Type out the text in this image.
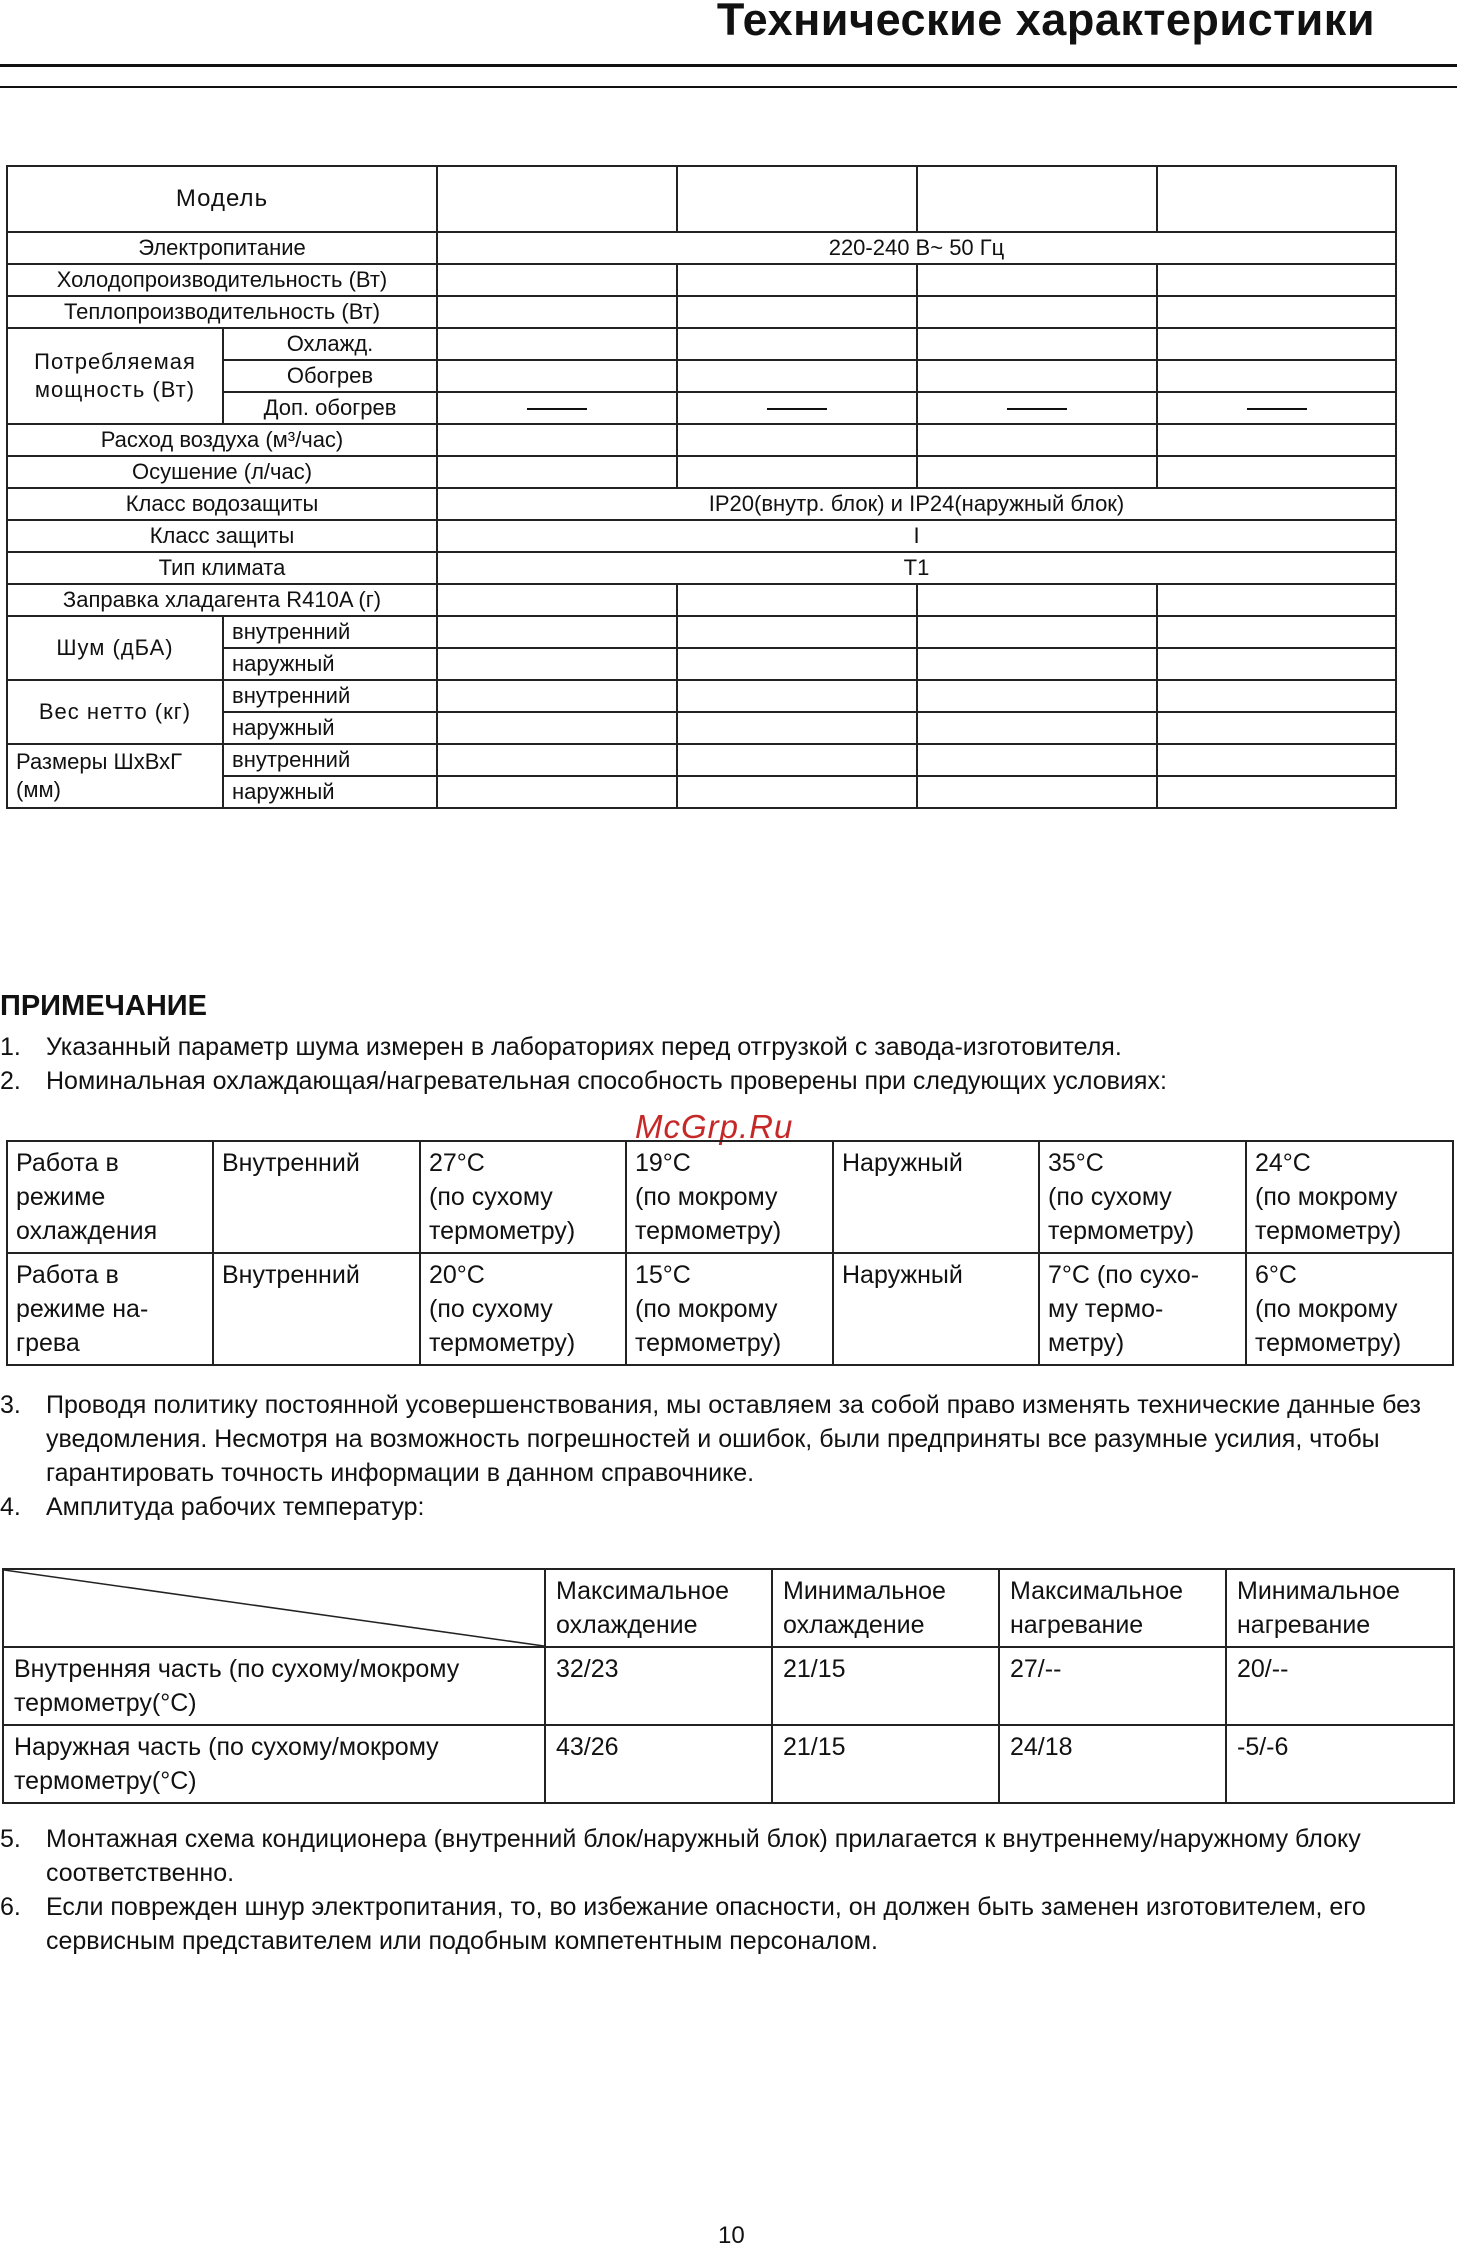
Технические характеристики
Модель					
Электропитание		220-240 В~ 50 Гц			
Холодопроизводительность (Вт)					
Теплопроизводительность (Вт)					
Потребляемая мощность (Вт)	Охлажд.				
	Обогрев				
	Доп. обогрев				
Расход воздуха (м³/час)					
Осушение (л/час)					
Класс водозащиты		IP20(внутр. блок) и IP24(наружный блок)			
Класс защиты		I			
Тип климата		T1			
Заправка хладагента R410A (г)					
Шум (дБА)	внутренний				
	наружный				
Вес нетто (кг)	внутренний				
	наружный				
Размеры ШхВхГ (мм)	внутренний				
	наружный				
ПРИМЕЧАНИЕ
1.	Указанный параметр шума измерен в лабораториях перед отгрузкой с завода-изготовителя.
2.	Номинальная охлаждающая/нагревательная способность проверены при следующих условиях:
McGrp.Ru
Работа в
режиме
охлаждения	Внутренний	27°C
(по сухому
термометру)	19°C
(по мокрому
термометру)	Наружный	35°C
(по сухому
термометру)	24°C
(по мокрому
термометру)
Работа в
режиме на-
грева	Внутренний	20°C
(по сухому
термометру)	15°C
(по мокрому
термометру)	Наружный	7°C (по сухо-
му термо-
метру)	6°C
(по мокрому
термометру)
3.	Проводя политику постоянной усовершенствования, мы оставляем за собой право изменять технические данные без уведомления. Несмотря на возможность погрешностей и ошибок, были предприняты все разумные усилия, чтобы гарантировать точность информации в данном справочнике.
4.	Амплитуда рабочих температур:

	Максимальное
охлаждение	Минимальное
охлаждение	Максимальное
нагревание	Минимальное
нагревание
Внутренняя часть (по сухому/мокрому
термометру(°C)	32/23	21/15	27/--	20/--
Наружная часть (по сухому/мокрому
термометру(°C)	43/26	21/15	24/18	-5/-6
5.	Монтажная схема кондиционера (внутренний блок/наружный блок) прилагается к внутреннему/наружному блоку соответственно.
6.	Если поврежден шнур электропитания, то, во избежание опасности, он должен быть заменен изготовителем, его сервисным представителем или подобным компетентным персоналом.
10
